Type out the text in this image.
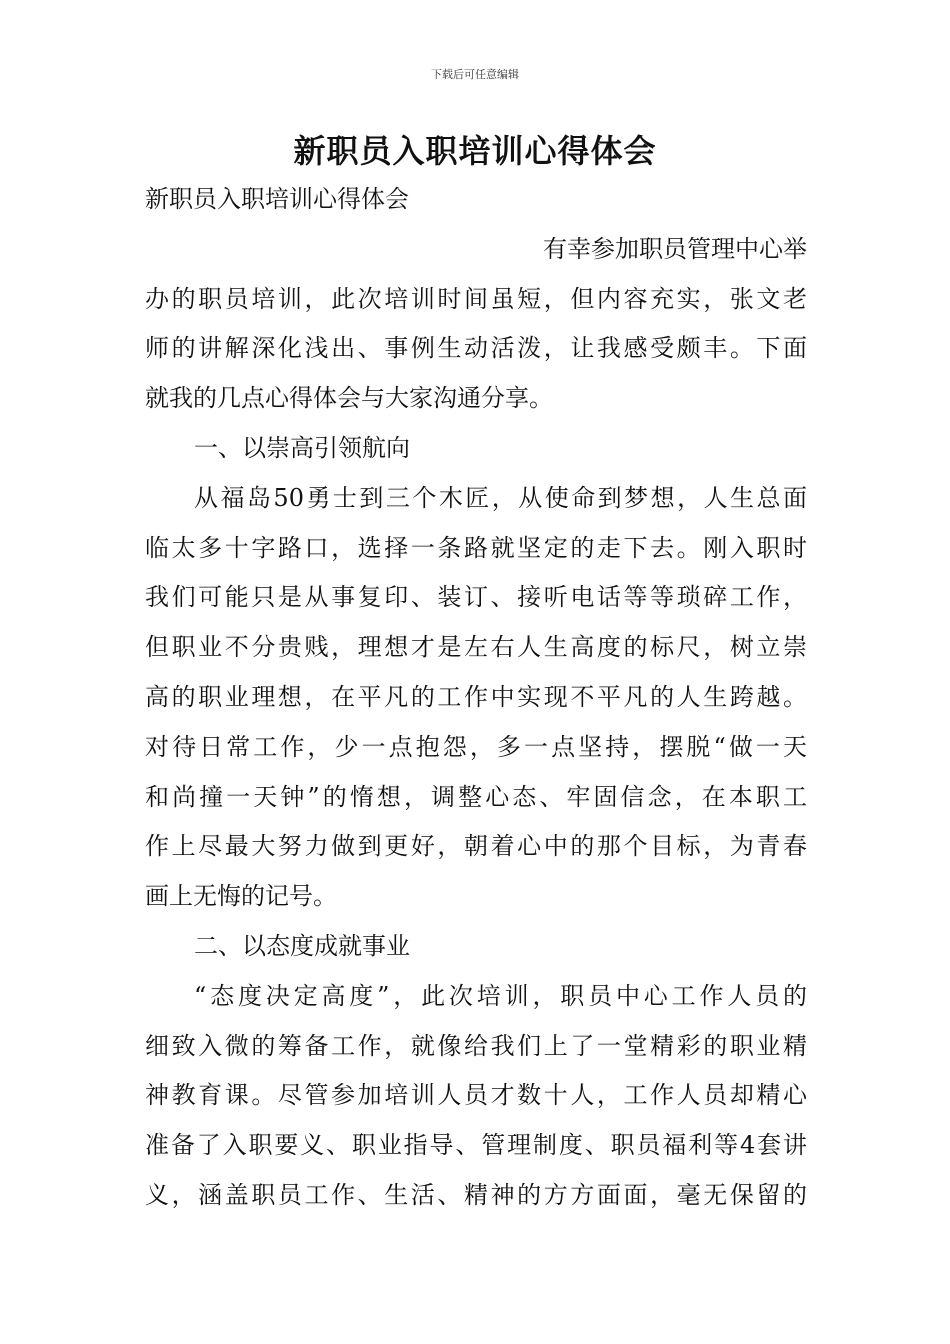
下载后可任意编辑
新职员入职培训心得体会
新职员入职培训心得体会
有幸参加职员管理中心举
办的职员培训，此次培训时间虽短，但内容充实，张文老
师的讲解深化浅出、事例生动活泼，让我感受颇丰。下面
就我的几点心得体会与大家沟通分享。
一、以崇高引领航向
从福岛50勇士到三个木匠，从使命到梦想，人生总面
临太多十字路口，选择一条路就坚定的走下去。刚入职时
我们可能只是从事复印、装订、接听电话等等琐碎工作，
但职业不分贵贱，理想才是左右人生高度的标尺，树立崇
高的职业理想，在平凡的工作中实现不平凡的人生跨越。
对待日常工作，少一点抱怨，多一点坚持，摆脱“做一天
和尚撞一天钟”的惰想，调整心态、牢固信念，在本职工
作上尽最大努力做到更好，朝着心中的那个目标，为青春
画上无悔的记号。
二、以态度成就事业
“态度决定高度”，此次培训，职员中心工作人员的
细致入微的筹备工作，就像给我们上了一堂精彩的职业精
神教育课。尽管参加培训人员才数十人，工作人员却精心
准备了入职要义、职业指导、管理制度、职员福利等4套讲
义，涵盖职员工作、生活、精神的方方面面，毫无保留的
